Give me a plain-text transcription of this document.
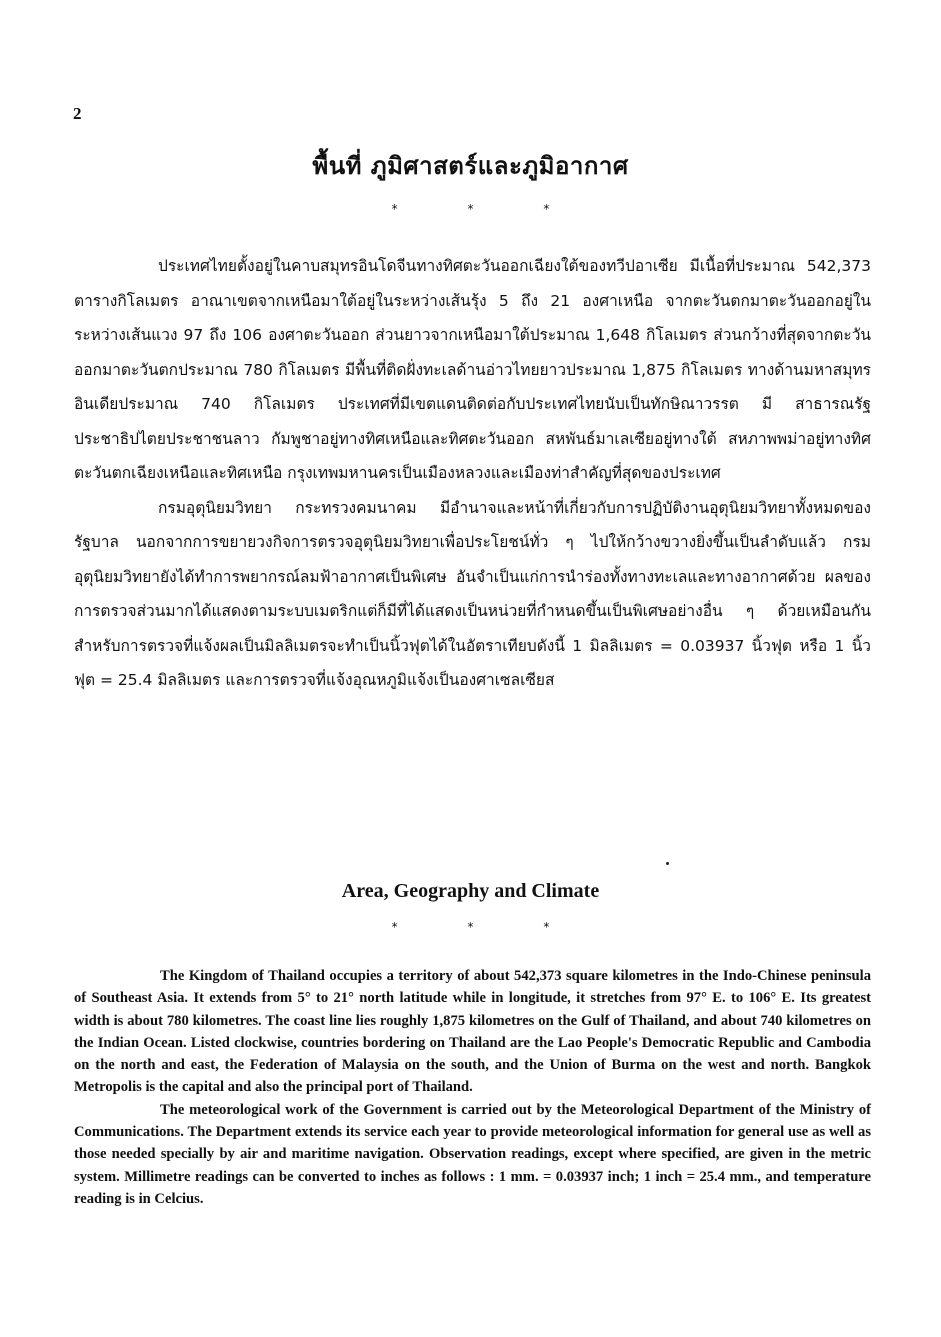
2
พื้นที่ ภูมิศาสตร์และภูมิอากาศ
*	*	*

ประเทศไทยตั้งอยู่ในคาบสมุทรอินโดจีนทางทิศตะวันออกเฉียงใต้ของทวีปอาเซีย มีเนื้อที่ประมาณ 542,373 ตารางกิโลเมตร อาณาเขตจากเหนือมาใต้อยู่ในระหว่างเส้นรุ้ง 5 ถึง 21 องศาเหนือ จากตะวันตกมาตะวันออกอยู่ในระหว่างเส้นแวง 97 ถึง 106 องศาตะวันออก ส่วนยาวจากเหนือมาใต้ประมาณ 1,648 กิโลเมตร ส่วนกว้างที่สุดจากตะวันออกมาตะวันตกประมาณ 780 กิโลเมตร มีพื้นที่ติดฝั่งทะเลด้านอ่าวไทยยาวประมาณ 1,875 กิโลเมตร ทางด้านมหาสมุทรอินเดียประมาณ 740 กิโลเมตร ประเทศที่มีเขตแดนติดต่อกับประเทศไทยนับเป็นทักษิณาวรรต มี สาธารณรัฐประชาธิปไตยประชาชนลาว กัมพูชาอยู่ทางทิศเหนือและทิศตะวันออก สหพันธ์มาเลเซียอยู่ทางใต้ สหภาพพม่าอยู่ทางทิศตะวันตกเฉียงเหนือและทิศเหนือ กรุงเทพมหานครเป็นเมืองหลวงและเมืองท่าสำคัญที่สุดของประเทศ

กรมอุตุนิยมวิทยา กระทรวงคมนาคม มีอำนาจและหน้าที่เกี่ยวกับการปฏิบัติงานอุตุนิยมวิทยาทั้งหมดของรัฐบาล นอกจากการขยายวงกิจการตรวจอุตุนิยมวิทยาเพื่อประโยชน์ทั่ว ๆ ไปให้กว้างขวางยิ่งขึ้นเป็นลำดับแล้ว กรมอุตุนิยมวิทยายังได้ทำการพยากรณ์ลมฟ้าอากาศเป็นพิเศษ อันจำเป็นแก่การนำร่องทั้งทางทะเลและทางอากาศด้วย ผลของการตรวจส่วนมากได้แสดงตามระบบเมตริกแต่ก็มีที่ได้แสดงเป็นหน่วยที่กำหนดขึ้นเป็นพิเศษอย่างอื่น ๆ ด้วยเหมือนกัน สำหรับการตรวจที่แจ้งผลเป็นมิลลิเมตรจะทำเป็นนิ้วฟุตได้ในอัตราเทียบดังนี้ 1 มิลลิเมตร = 0.03937 นิ้วฟุต หรือ 1 นิ้วฟุต = 25.4 มิลลิเมตร และการตรวจที่แจ้งอุณหภูมิแจ้งเป็นองศาเซลเซียส

Area, Geography and Climate
*	*	*

The Kingdom of Thailand occupies a territory of about 542,373 square kilometres in the Indo-Chinese peninsula of Southeast Asia. It extends from 5° to 21° north latitude while in longitude, it stretches from 97° E. to 106° E. Its greatest width is about 780 kilometres. The coast line lies roughly 1,875 kilometres on the Gulf of Thailand, and about 740 kilometres on the Indian Ocean. Listed clockwise, countries bordering on Thailand are the Lao People's Democratic Republic and Cambodia on the north and east, the Federation of Malaysia on the south, and the Union of Burma on the west and north. Bangkok Metropolis is the capital and also the principal port of Thailand.

The meteorological work of the Government is carried out by the Meteorological Department of the Ministry of Communications. The Department extends its service each year to provide meteorological information for general use as well as those needed specially by air and maritime navigation. Observation readings, except where specified, are given in the metric system. Millimetre readings can be converted to inches as follows : 1 mm. = 0.03937 inch; 1 inch = 25.4 mm., and temperature reading is in Celcius.
